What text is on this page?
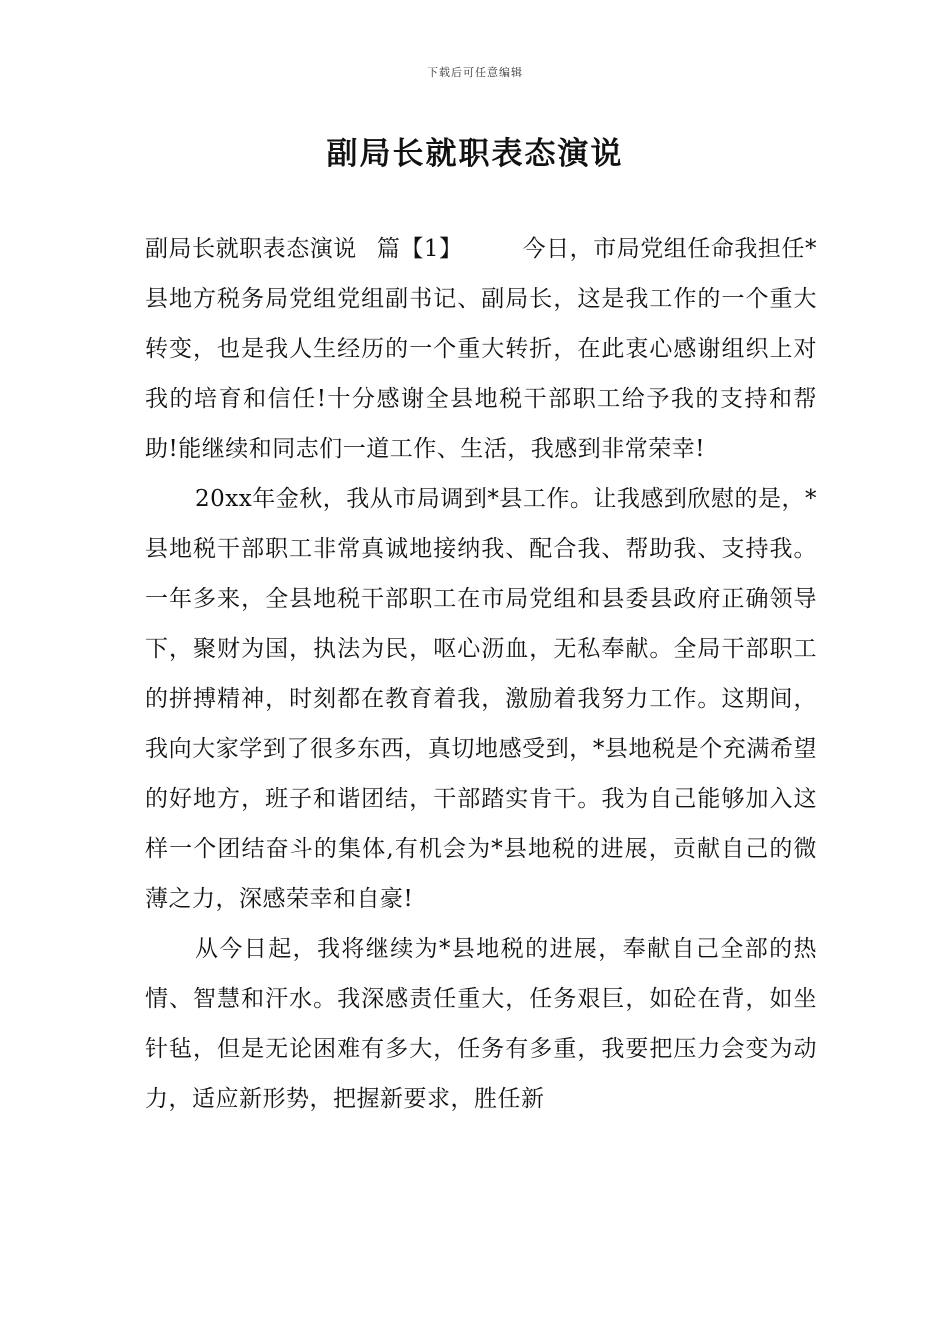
下载后可任意编辑
副局长就职表态演说

副局长就职表态演说 篇【1】	今日，市局党组任命我担任*县地方税务局党组党组副书记、副局长，这是我工作的一个重大转变，也是我人生经历的一个重大转折，在此衷心感谢组织上对我的培育和信任!十分感谢全县地税干部职工给予我的支持和帮助!能继续和同志们一道工作、生活，我感到非常荣幸!

20xx年金秋，我从市局调到*县工作。让我感到欣慰的是，*县地税干部职工非常真诚地接纳我、配合我、帮助我、支持我。一年多来，全县地税干部职工在市局党组和县委县政府正确领导下，聚财为国，执法为民，呕心沥血，无私奉献。全局干部职工的拼搏精神，时刻都在教育着我，激励着我努力工作。这期间，我向大家学到了很多东西，真切地感受到，*县地税是个充满希望的好地方，班子和谐团结，干部踏实肯干。我为自己能够加入这样一个团结奋斗的集体,有机会为*县地税的进展，贡献自己的微薄之力，深感荣幸和自豪!

从今日起，我将继续为*县地税的进展，奉献自己全部的热情、智慧和汗水。我深感责任重大，任务艰巨，如砼在背，如坐针毡，但是无论困难有多大，任务有多重，我要把压力会变为动力，适应新形势，把握新要求，胜任新
